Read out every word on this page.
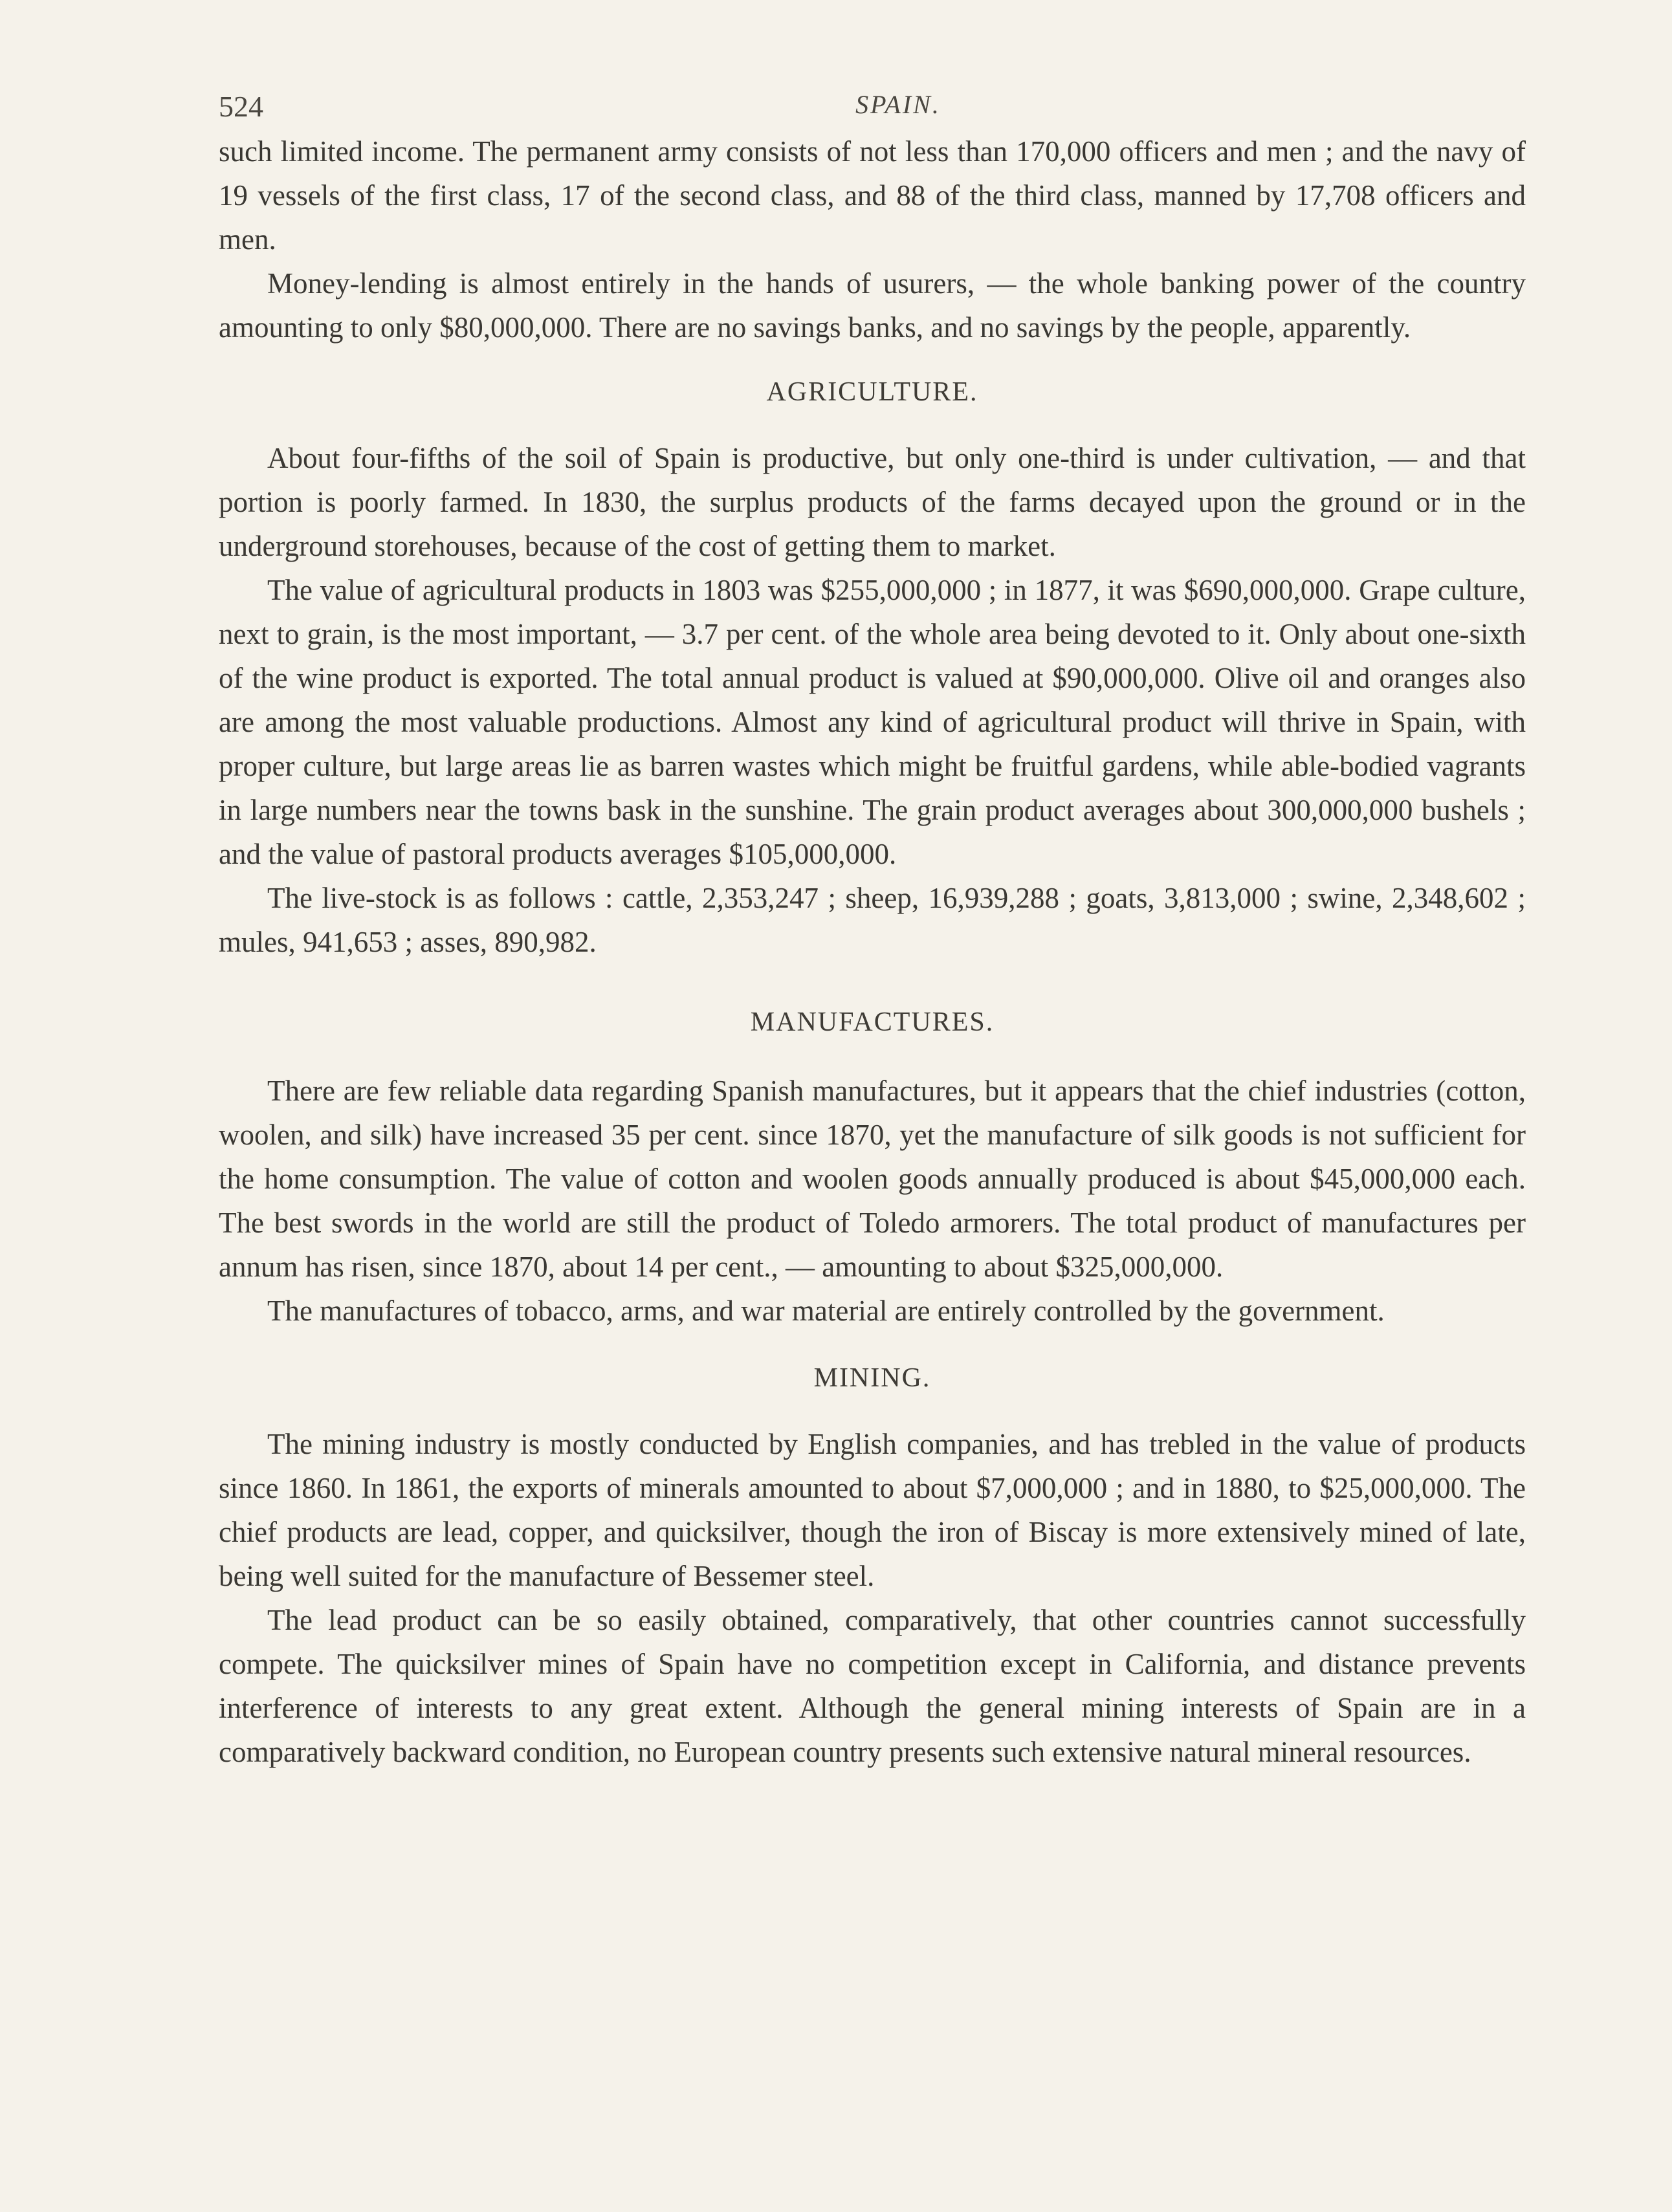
524	SPAIN.

such limited income. The permanent army consists of not less than 170,000 officers and men ; and the navy of 19 vessels of the first class, 17 of the second class, and 88 of the third class, manned by 17,708 officers and men.

Money-lending is almost entirely in the hands of usurers, — the whole banking power of the country amounting to only $80,000,000. There are no savings banks, and no savings by the people, apparently.

AGRICULTURE.

About four-fifths of the soil of Spain is productive, but only one-third is under cultivation, — and that portion is poorly farmed. In 1830, the surplus products of the farms decayed upon the ground or in the underground storehouses, because of the cost of getting them to market.

The value of agricultural products in 1803 was $255,000,000 ; in 1877, it was $690,000,000. Grape culture, next to grain, is the most important, — 3.7 per cent. of the whole area being devoted to it. Only about one-sixth of the wine product is exported. The total annual product is valued at $90,000,000. Olive oil and oranges also are among the most valuable productions. Almost any kind of agricultural product will thrive in Spain, with proper culture, but large areas lie as barren wastes which might be fruitful gardens, while able-bodied vagrants in large numbers near the towns bask in the sunshine. The grain product averages about 300,000,000 bushels ; and the value of pastoral products averages $105,000,000.

The live-stock is as follows : cattle, 2,353,247 ; sheep, 16,939,288 ; goats, 3,813,000 ; swine, 2,348,602 ; mules, 941,653 ; asses, 890,982.

MANUFACTURES.

There are few reliable data regarding Spanish manufactures, but it appears that the chief industries (cotton, woolen, and silk) have increased 35 per cent. since 1870, yet the manufacture of silk goods is not sufficient for the home consumption. The value of cotton and woolen goods annually produced is about $45,000,000 each. The best swords in the world are still the product of Toledo armorers. The total product of manufactures per annum has risen, since 1870, about 14 per cent., — amounting to about $325,000,000.

The manufactures of tobacco, arms, and war material are entirely controlled by the government.

MINING.

The mining industry is mostly conducted by English companies, and has trebled in the value of products since 1860. In 1861, the exports of minerals amounted to about $7,000,000 ; and in 1880, to $25,000,000. The chief products are lead, copper, and quicksilver, though the iron of Biscay is more extensively mined of late, being well suited for the manufacture of Bessemer steel.

The lead product can be so easily obtained, comparatively, that other countries cannot successfully compete. The quicksilver mines of Spain have no competition except in California, and distance prevents interference of interests to any great extent. Although the general mining interests of Spain are in a comparatively backward condition, no European country presents such extensive natural mineral resources.
